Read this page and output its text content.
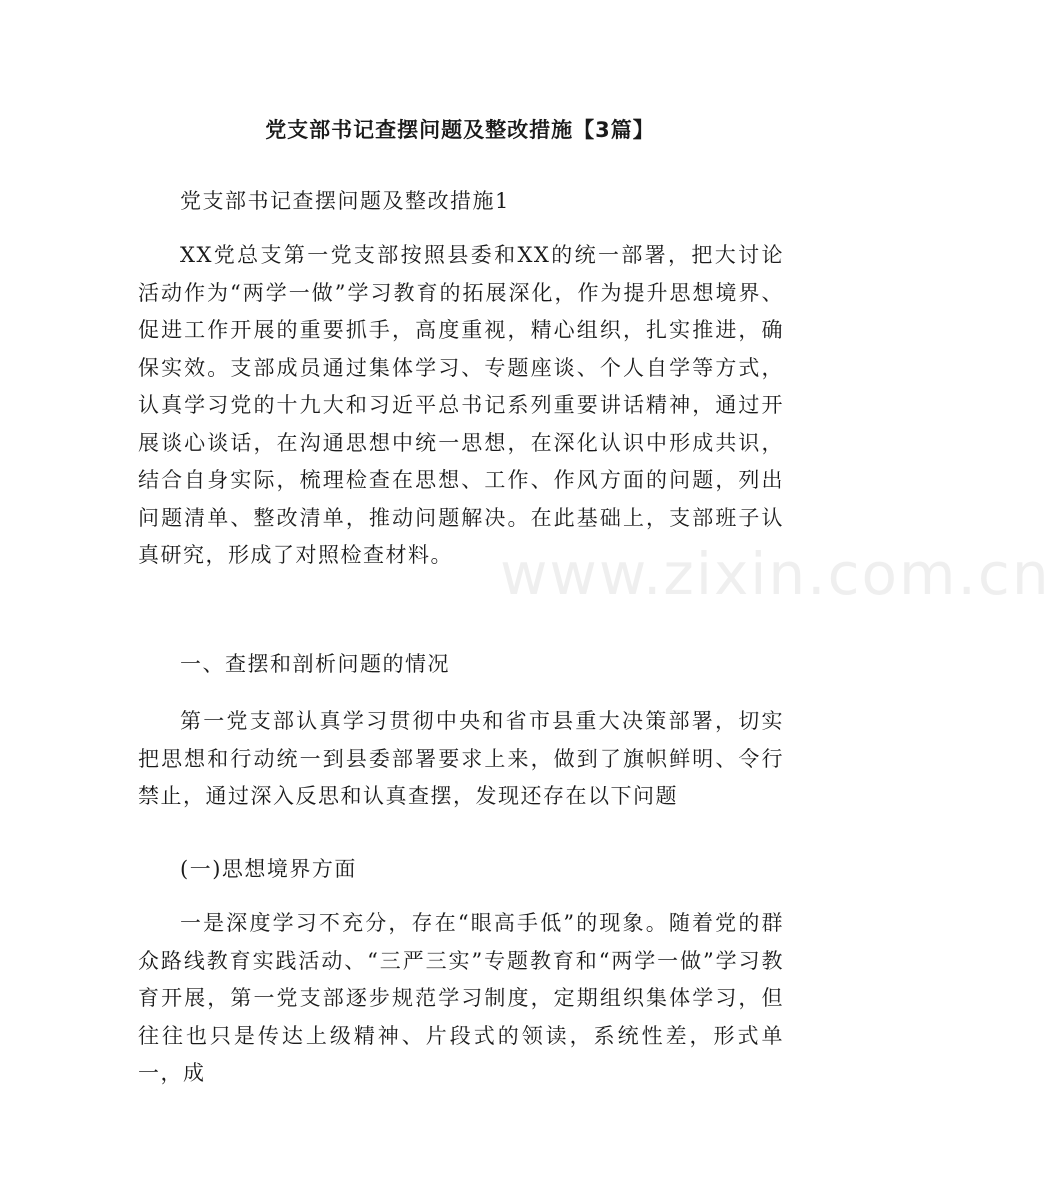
党支部书记查摆问题及整改措施【3篇】

党支部书记查摆问题及整改措施1

XX党总支第一党支部按照县委和XX的统一部署，把大讨论活动作为“两学一做”学习教育的拓展深化，作为提升思想境界、促进工作开展的重要抓手，高度重视，精心组织，扎实推进，确保实效。支部成员通过集体学习、专题座谈、个人自学等方式，认真学习党的十九大和习近平总书记系列重要讲话精神，通过开展谈心谈话，在沟通思想中统一思想，在深化认识中形成共识，结合自身实际，梳理检查在思想、工作、作风方面的问题，列出问题清单、整改清单，推动问题解决。在此基础上，支部班子认真研究，形成了对照检查材料。

一、查摆和剖析问题的情况

第一党支部认真学习贯彻中央和省市县重大决策部署，切实把思想和行动统一到县委部署要求上来，做到了旗帜鲜明、令行禁止，通过深入反思和认真查摆，发现还存在以下问题

(一)思想境界方面

一是深度学习不充分，存在“眼高手低”的现象。随着党的群众路线教育实践活动、“三严三实”专题教育和“两学一做”学习教育开展，第一党支部逐步规范学习制度，定期组织集体学习，但往往也只是传达上级精神、片段式的领读，系统性差，形式单一，成

www.zixin.com.cn
